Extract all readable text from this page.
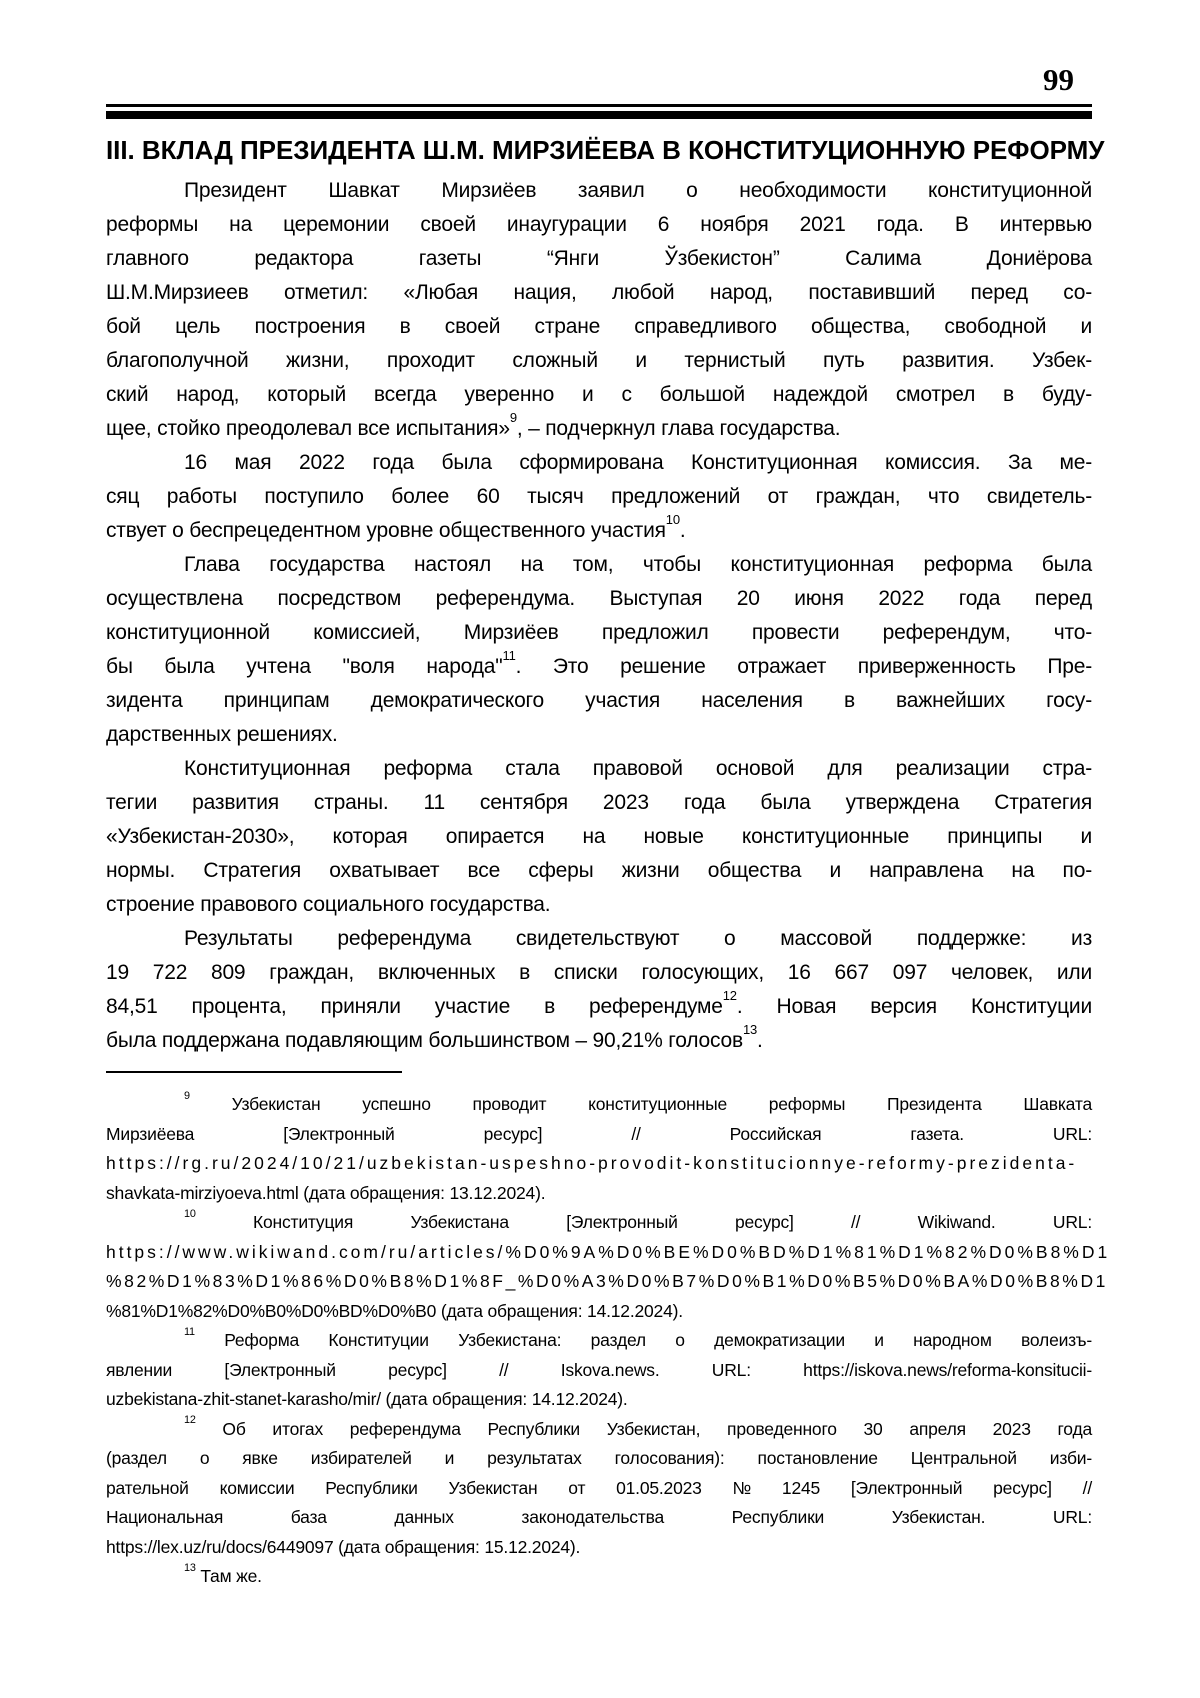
99
III. ВКЛАД ПРЕЗИДЕНТА Ш.М. МИРЗИЁЕВА В КОНСТИТУЦИОННУЮ РЕФОРМУ
Президент Шавкат Мирзиёев заявил о необходимости конституционной
реформы на церемонии своей инаугурации 6 ноября 2021 года. В интервью
главного редактора газеты “Янги Ўзбекистон” Салима Дониёрова
Ш.М.Мирзиеев отметил: «Любая нация, любой народ, поставивший перед со-
бой цель построения в своей стране справедливого общества, свободной и
благополучной жизни, проходит сложный и тернистый путь развития. Узбек-
ский народ, который всегда уверенно и с большой надеждой смотрел в буду-
щее, стойко преодолевал все испытания»$^9$, – подчеркнул глава государства.
16 мая 2022 года была сформирована Конституционная комиссия. За ме-
сяц работы поступило более 60 тысяч предложений от граждан, что свидетель-
ствует о беспрецедентном уровне общественного участия$^{10}$.
Глава государства настоял на том, чтобы конституционная реформа была
осуществлена посредством референдума. Выступая 20 июня 2022 года перед
конституционной комиссией, Мирзиёев предложил провести референдум, что-
бы была учтена "воля народа"$^{11}$. Это решение отражает приверженность Пре-
зидента принципам демократического участия населения в важнейших госу-
дарственных решениях.
Конституционная реформа стала правовой основой для реализации стра-
тегии развития страны. 11 сентября 2023 года была утверждена Стратегия
«Узбекистан-2030», которая опирается на новые конституционные принципы и
нормы. Стратегия охватывает все сферы жизни общества и направлена на по-
строение правового социального государства.
Результаты референдума свидетельствуют о массовой поддержке: из
19 722 809 граждан, включенных в списки голосующих, 16 667 097 человек, или
84,51 процента, приняли участие в референдуме$^{12}$. Новая версия Конституции
была поддержана подавляющим большинством – 90,21% голосов$^{13}$.
$^9$ Узбекистан успешно проводит конституционные реформы Президента Шавката
Мирзиёева [Электронный ресурс] // Российская газета. URL:
https://rg.ru/2024/10/21/uzbekistan-uspeshno-provodit-konstitucionnye-reformy-prezidenta-
shavkata-mirziyoeva.html (дата обращения: 13.12.2024).
$^{10}$ Конституция Узбекистана [Электронный ресурс] // Wikiwand. URL:
https://www.wikiwand.com/ru/articles/%D0%9A%D0%BE%D0%BD%D1%81%D1%82%D0%B8%D1
%82%D1%83%D1%86%D0%B8%D1%8F_%D0%A3%D0%B7%D0%B1%D0%B5%D0%BA%D0%B8%D1
%81%D1%82%D0%B0%D0%BD%D0%B0 (дата обращения: 14.12.2024).
$^{11}$ Реформа Конституции Узбекистана: раздел о демократизации и народном волеизъ-
явлении [Электронный ресурс] // Iskova.news. URL: https://iskova.news/reforma-konsitucii-
uzbekistana-zhit-stanet-karasho/mir/ (дата обращения: 14.12.2024).
$^{12}$ Об итогах референдума Республики Узбекистан, проведенного 30 апреля 2023 года
(раздел о явке избирателей и результатах голосования): постановление Центральной изби-
рательной комиссии Республики Узбекистан от 01.05.2023 № 1245 [Электронный ресурс] //
Национальная база данных законодательства Республики Узбекистан. URL:
https://lex.uz/ru/docs/6449097 (дата обращения: 15.12.2024).
$^{13}$ Там же.
